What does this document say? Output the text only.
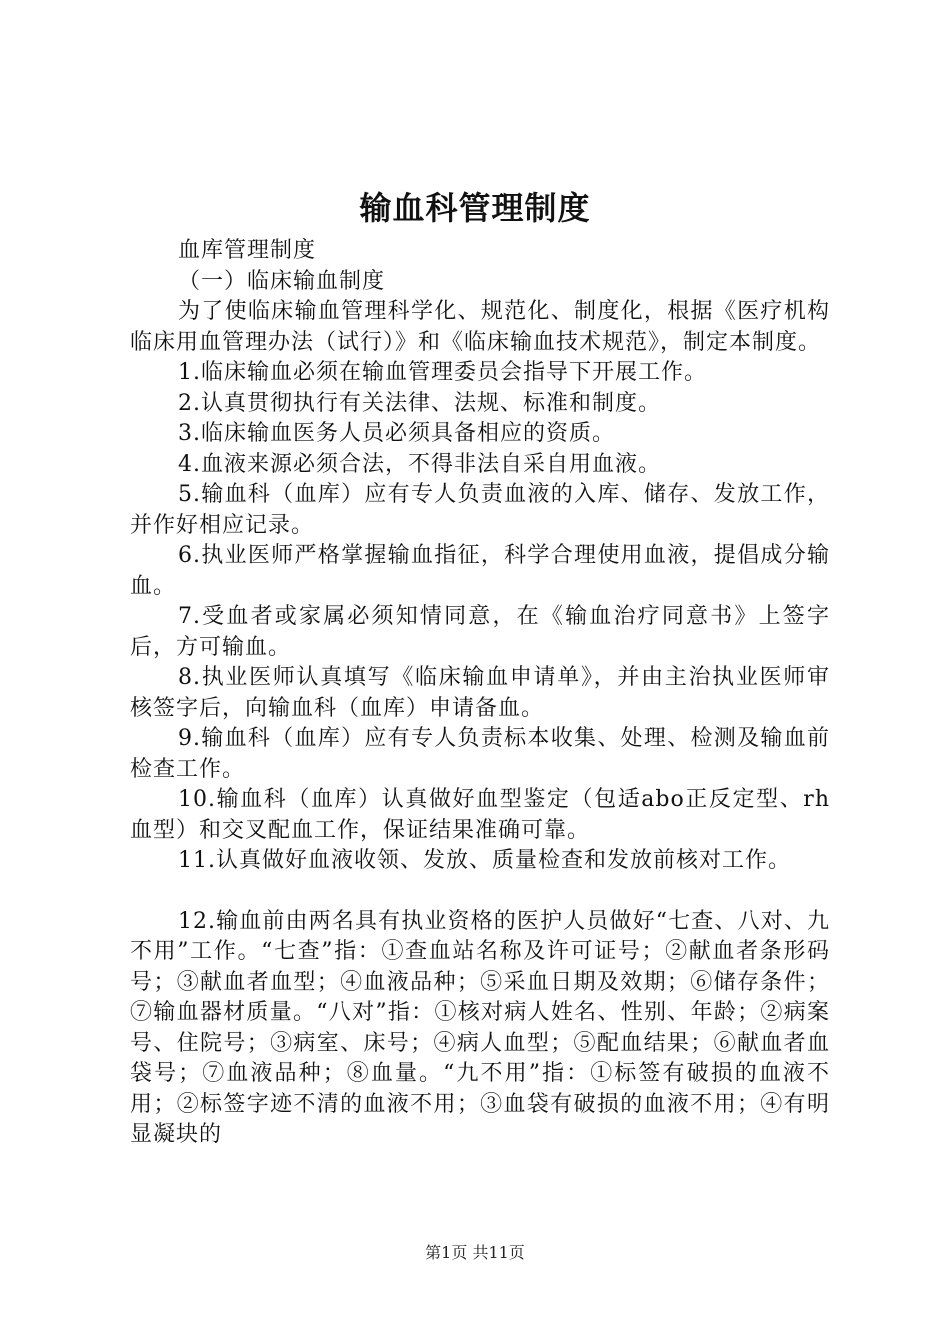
输血科管理制度

血库管理制度

（一）临床输血制度

为了使临床输血管理科学化、规范化、制度化，根据《医疗机构临床用血管理办法（试行）》和《临床输血技术规范》，制定本制度。

1.临床输血必须在输血管理委员会指导下开展工作。

2.认真贯彻执行有关法律、法规、标准和制度。

3.临床输血医务人员必须具备相应的资质。

4.血液来源必须合法，不得非法自采自用血液。

5.输血科（血库）应有专人负责血液的入库、储存、发放工作，并作好相应记录。

6.执业医师严格掌握输血指征，科学合理使用血液，提倡成分输血。

7.受血者或家属必须知情同意，在《输血治疗同意书》上签字后，方可输血。

8.执业医师认真填写《临床输血申请单》，并由主治执业医师审核签字后，向输血科（血库）申请备血。

9.输血科（血库）应有专人负责标本收集、处理、检测及输血前检查工作。

10.输血科（血库）认真做好血型鉴定（包适abo正反定型、rh血型）和交叉配血工作，保证结果准确可靠。

11.认真做好血液收领、发放、质量检查和发放前核对工作。

12.输血前由两名具有执业资格的医护人员做好“七查、八对、九不用”工作。“七查”指：①查血站名称及许可证号；②献血者条形码号；③献血者血型；④血液品种；⑤采血日期及效期；⑥储存条件；⑦输血器材质量。“八对”指：①核对病人姓名、性别、年龄；②病案号、住院号；③病室、床号；④病人血型；⑤配血结果；⑥献血者血袋号；⑦血液品种；⑧血量。“九不用”指：①标签有破损的血液不用；②标签字迹不清的血液不用；③血袋有破损的血液不用；④有明显凝块的

第1页 共11页
